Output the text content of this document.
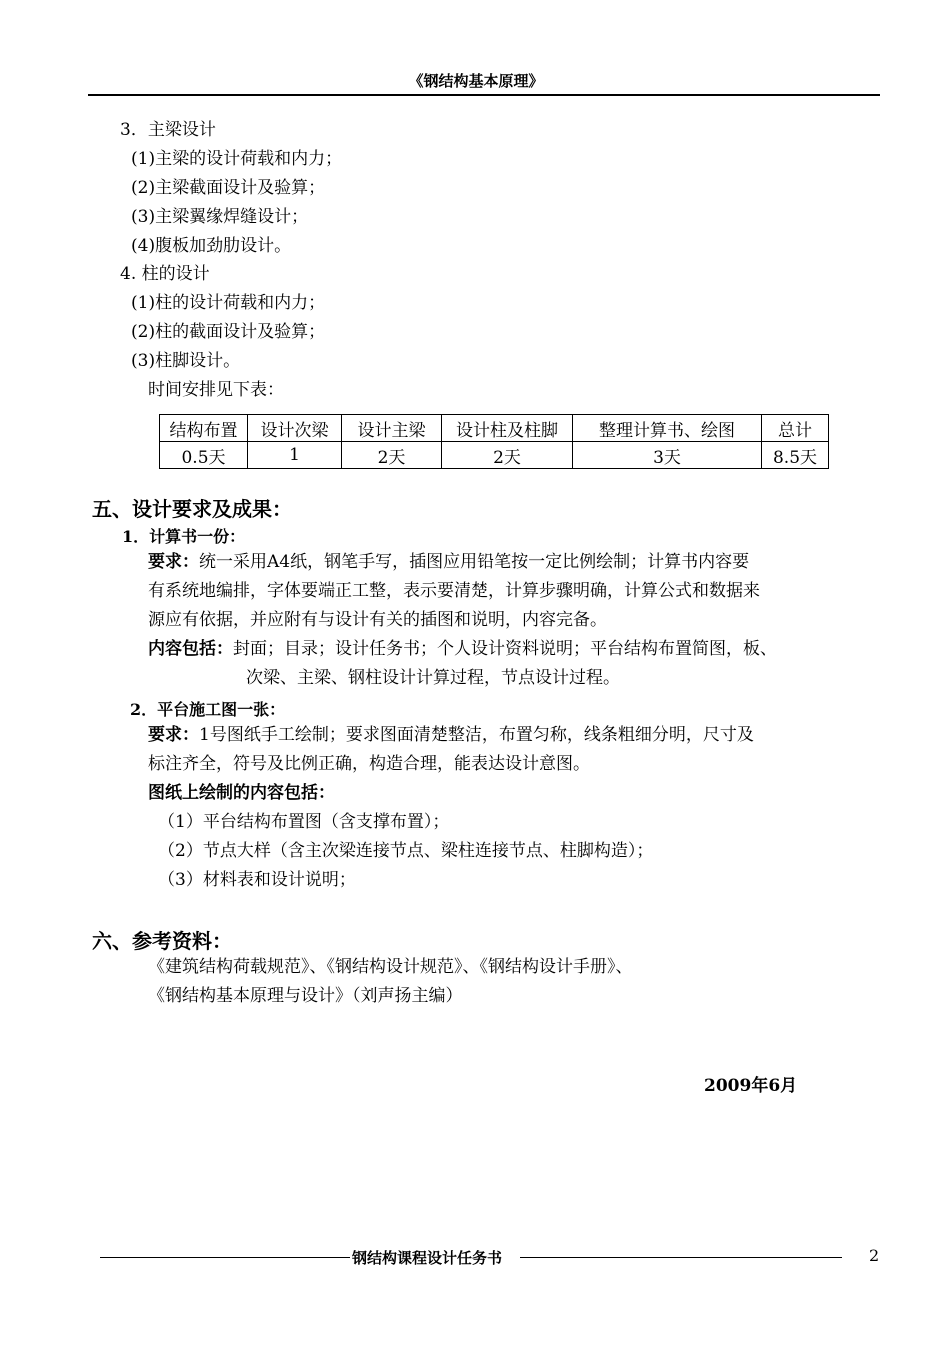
《钢结构基本原理》
3．主梁设计
(1)主梁的设计荷载和内力；
(2)主梁截面设计及验算；
(3)主梁翼缘焊缝设计；
(4)腹板加劲肋设计。
4. 柱的设计
(1)柱的设计荷载和内力；
(2)柱的截面设计及验算；
(3)柱脚设计。
时间安排见下表：
结构布置	设计次梁	设计主梁	设计柱及柱脚	整理计算书、绘图	总计
0.5天	1	2天	2天	3天	8.5天
五、设计要求及成果：
1．计算书一份：
要求：统一采用A4纸，钢笔手写，插图应用铅笔按一定比例绘制；计算书内容要
有系统地编排，字体要端正工整，表示要清楚，计算步骤明确，计算公式和数据来
源应有依据，并应附有与设计有关的插图和说明，内容完备。
内容包括：封面；目录；设计任务书；个人设计资料说明；平台结构布置简图，板、
次梁、主梁、钢柱设计计算过程，节点设计过程。
2．平台施工图一张：
要求：1号图纸手工绘制；要求图面清楚整洁，布置匀称，线条粗细分明，尺寸及
标注齐全，符号及比例正确，构造合理，能表达设计意图。
图纸上绘制的内容包括：
（1）平台结构布置图（含支撑布置）；
（2）节点大样（含主次梁连接节点、梁柱连接节点、柱脚构造）；
（3）材料表和设计说明；
六、参考资料：
《建筑结构荷载规范》、《钢结构设计规范》、《钢结构设计手册》、
《钢结构基本原理与设计》（刘声扬主编）
2009年6月
钢结构课程设计任务书	2
